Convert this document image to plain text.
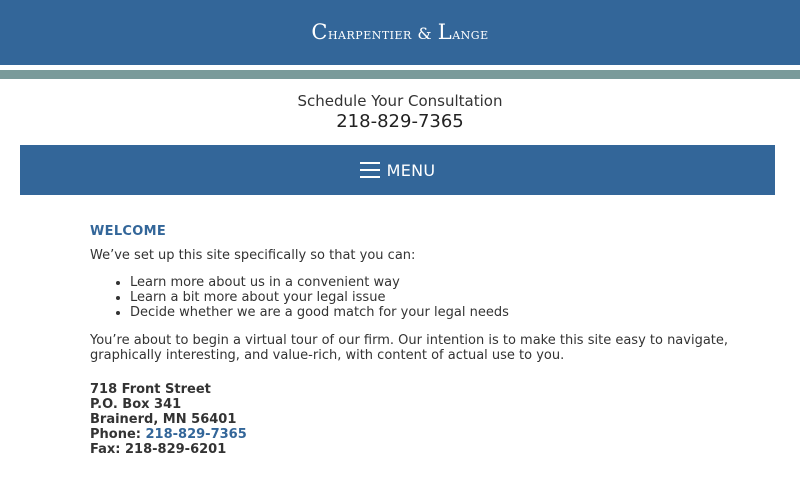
Charpentier & Lange
Schedule Your Consultation
218-829-7365
MENU
WELCOME

We’ve set up this site specifically so that you can:

• Learn more about us in a convenient way
• Learn a bit more about your legal issue
• Decide whether we are a good match for your legal needs

You’re about to begin a virtual tour of our firm. Our intention is to make this site easy to navigate, graphically interesting, and value-rich, with content of actual use to you.

718 Front Street
P.O. Box 341
Brainerd, MN 56401
Phone: 218-829-7365
Fax: 218-829-6201
